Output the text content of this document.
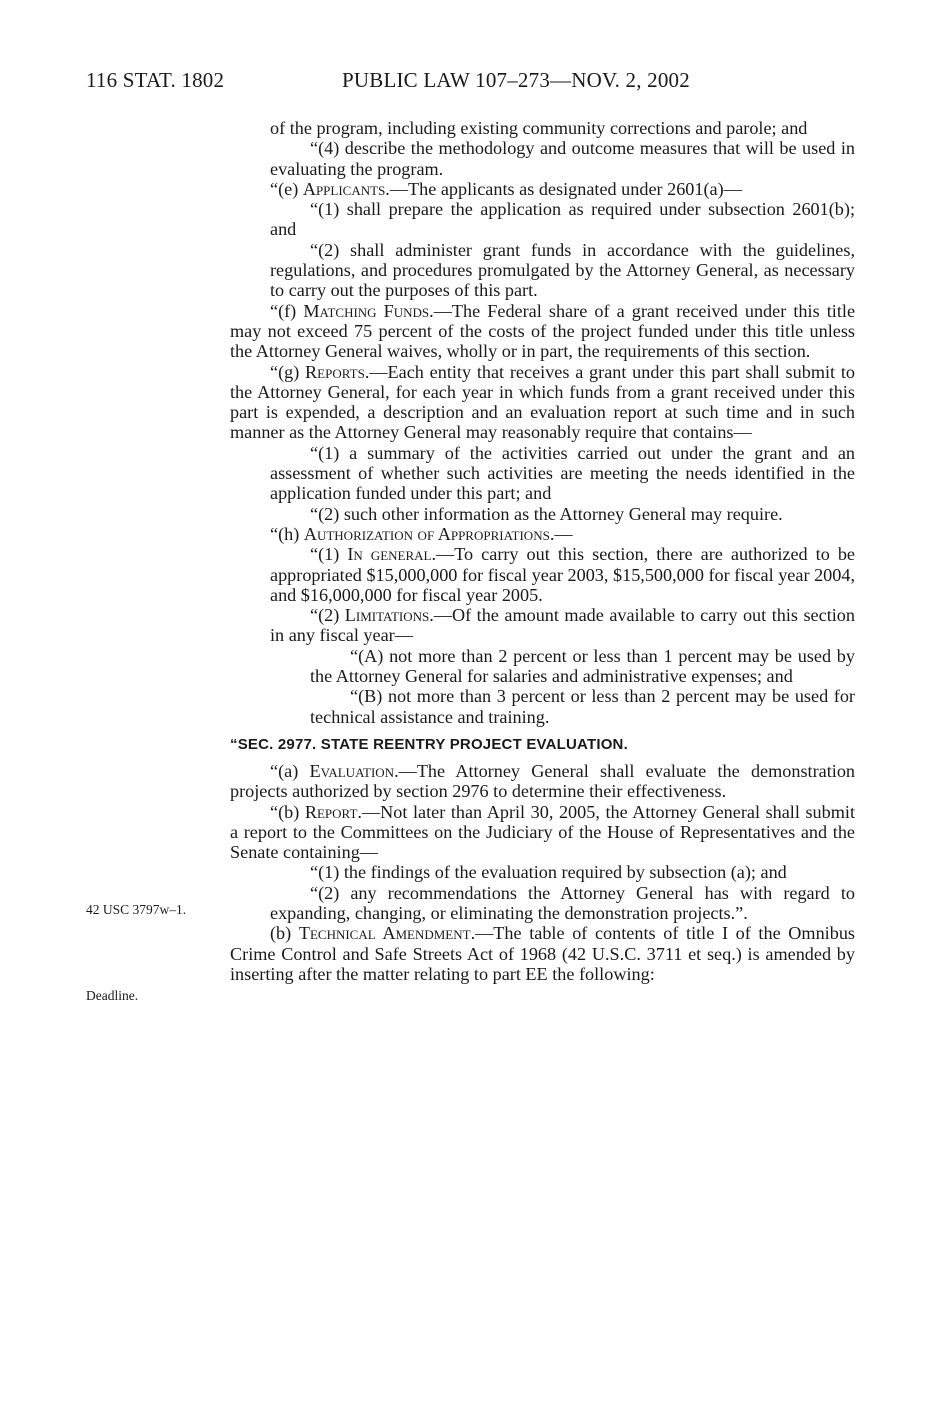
116 STAT. 1802	PUBLIC LAW 107–273—NOV. 2, 2002
42 USC 3797w–1.
Deadline.

of the program, including existing community corrections and parole; and

“(4) describe the methodology and outcome measures that will be used in evaluating the program.

“(e) Applicants.—The applicants as designated under 2601(a)—

“(1) shall prepare the application as required under subsection 2601(b); and

“(2) shall administer grant funds in accordance with the guidelines, regulations, and procedures promulgated by the Attorney General, as necessary to carry out the purposes of this part.

“(f) Matching Funds.—The Federal share of a grant received under this title may not exceed 75 percent of the costs of the project funded under this title unless the Attorney General waives, wholly or in part, the requirements of this section.

“(g) Reports.—Each entity that receives a grant under this part shall submit to the Attorney General, for each year in which funds from a grant received under this part is expended, a description and an evaluation report at such time and in such manner as the Attorney General may reasonably require that contains—

“(1) a summary of the activities carried out under the grant and an assessment of whether such activities are meeting the needs identified in the application funded under this part; and

“(2) such other information as the Attorney General may require.

“(h) Authorization of Appropriations.—

“(1) In general.—To carry out this section, there are authorized to be appropriated $15,000,000 for fiscal year 2003, $15,500,000 for fiscal year 2004, and $16,000,000 for fiscal year 2005.

“(2) Limitations.—Of the amount made available to carry out this section in any fiscal year—

“(A) not more than 2 percent or less than 1 percent may be used by the Attorney General for salaries and administrative expenses; and

“(B) not more than 3 percent or less than 2 percent may be used for technical assistance and training.

“SEC. 2977. STATE REENTRY PROJECT EVALUATION.

“(a) Evaluation.—The Attorney General shall evaluate the demonstration projects authorized by section 2976 to determine their effectiveness.

“(b) Report.—Not later than April 30, 2005, the Attorney General shall submit a report to the Committees on the Judiciary of the House of Representatives and the Senate containing—

“(1) the findings of the evaluation required by subsection (a); and

“(2) any recommendations the Attorney General has with regard to expanding, changing, or eliminating the demonstration projects.”.

(b) Technical Amendment.—The table of contents of title I of the Omnibus Crime Control and Safe Streets Act of 1968 (42 U.S.C. 3711 et seq.) is amended by inserting after the matter relating to part EE the following:
